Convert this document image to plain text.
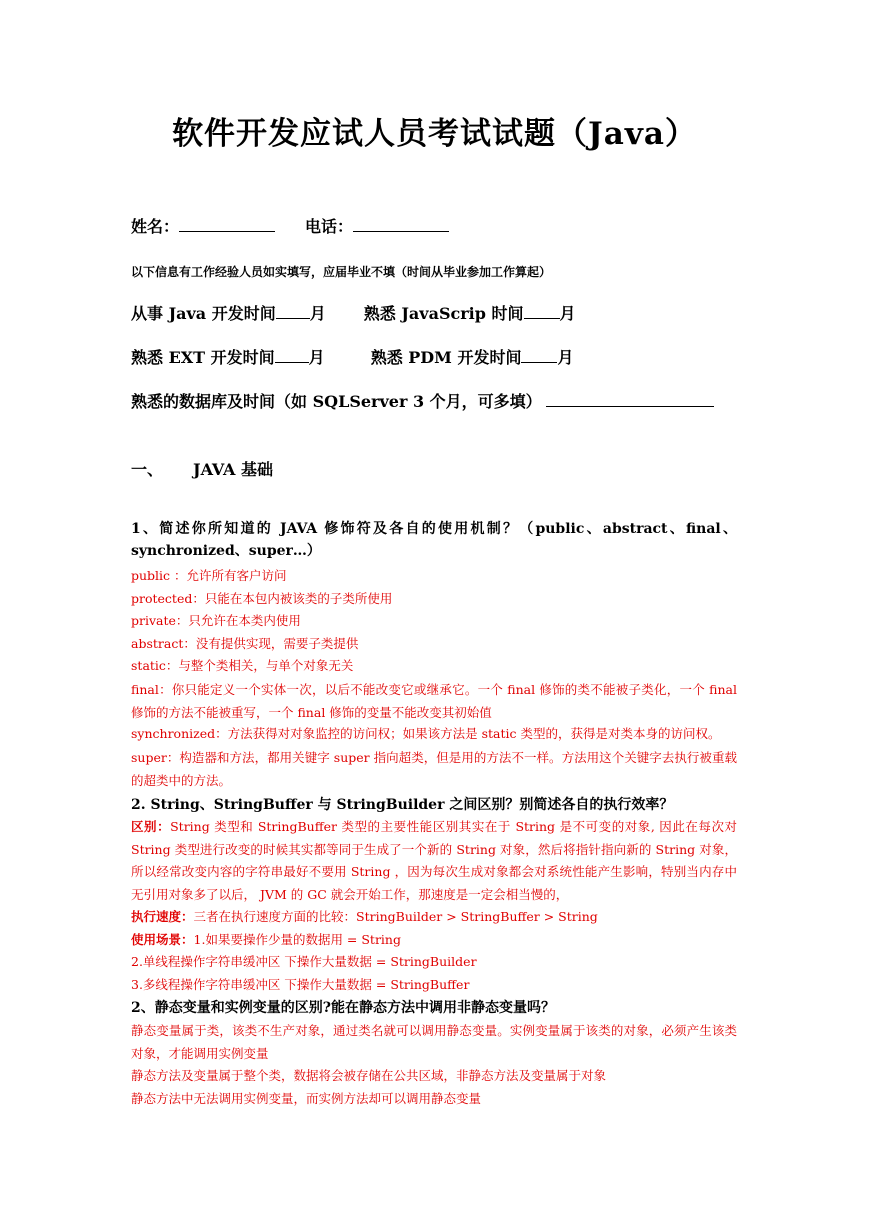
软件开发应试人员考试试题（Java）
姓名：	电话：
以下信息有工作经验人员如实填写，应届毕业不填（时间从毕业参加工作算起）
从事 Java 开发时间 月 熟悉 JavaScrip 时间 月
熟悉 EXT 开发时间 月	熟悉 PDM 开发时间 月
熟悉的数据库及时间（如 SQLServer 3 个月，可多填）
一、 JAVA 基础
1、简述你所知道的 JAVA 修饰符及各自的使用机制？（public、abstract、final、synchronized、super…）
public ：允许所有客户访问
protected：只能在本包内被该类的子类所使用
private：只允许在本类内使用
abstract：没有提供实现，需要子类提供
static：与整个类相关，与单个对象无关
final：你只能定义一个实体一次，以后不能改变它或继承它。一个 final 修饰的类不能被子类化，一个 final 修饰的方法不能被重写，一个 final 修饰的变量不能改变其初始值
synchronized：方法获得对对象监控的访问权；如果该方法是 static 类型的，获得是对类本身的访问权。
super：构造器和方法，都用关键字 super 指向超类，但是用的方法不一样。方法用这个关键字去执行被重载的超类中的方法。
2. String、StringBuffer 与 StringBuilder 之间区别？别简述各自的执行效率？
区别：String 类型和 StringBuffer 类型的主要性能区别其实在于 String 是不可变的对象, 因此在每次对 String 类型进行改变的时候其实都等同于生成了一个新的 String 对象，然后将指针指向新的 String 对象，所以经常改变内容的字符串最好不要用 String ，因为每次生成对象都会对系统性能产生影响，特别当内存中无引用对象多了以后， JVM 的 GC 就会开始工作，那速度是一定会相当慢的，
执行速度：三者在执行速度方面的比较：StringBuilder > StringBuffer > String
使用场景：1.如果要操作少量的数据用 = String
2.单线程操作字符串缓冲区 下操作大量数据 = StringBuilder
3.多线程操作字符串缓冲区 下操作大量数据 = StringBuffer
2、静态变量和实例变量的区别?能在静态方法中调用非静态变量吗？
静态变量属于类，该类不生产对象，通过类名就可以调用静态变量。实例变量属于该类的对象，必须产生该类对象，才能调用实例变量
静态方法及变量属于整个类，数据将会被存储在公共区域，非静态方法及变量属于对象
静态方法中无法调用实例变量，而实例方法却可以调用静态变量
